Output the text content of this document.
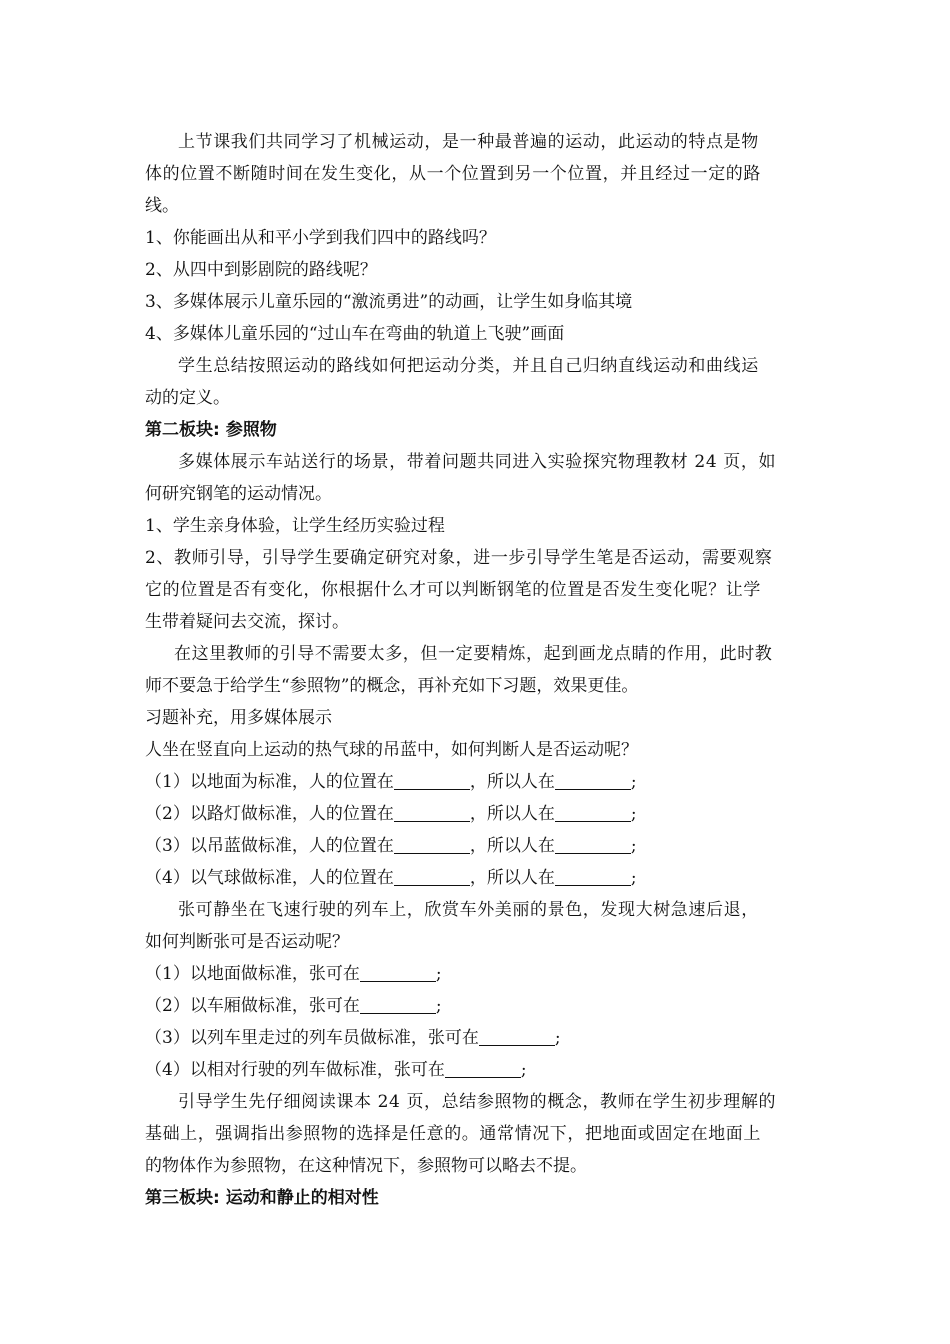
上节课我们共同学习了机械运动，是一种最普遍的运动，此运动的特点是物
体的位置不断随时间在发生变化，从一个位置到另一个位置，并且经过一定的路
线。
1、你能画出从和平小学到我们四中的路线吗？
2、从四中到影剧院的路线呢？
3、多媒体展示儿童乐园的“激流勇进”的动画，让学生如身临其境
4、多媒体儿童乐园的“过山车在弯曲的轨道上飞驶”画面
学生总结按照运动的路线如何把运动分类，并且自己归纳直线运动和曲线运
动的定义。
第二板块: 参照物
多媒体展示车站送行的场景，带着问题共同进入实验探究物理教材 24 页，如
何研究钢笔的运动情况。
1、学生亲身体验，让学生经历实验过程
2、教师引导，引导学生要确定研究对象，进一步引导学生笔是否运动，需要观察
它的位置是否有变化，你根据什么才可以判断钢笔的位置是否发生变化呢？让学
生带着疑问去交流，探讨。
在这里教师的引导不需要太多，但一定要精炼，起到画龙点睛的作用，此时教
师不要急于给学生“参照物”的概念，再补充如下习题，效果更佳。
习题补充，用多媒体展示
人坐在竖直向上运动的热气球的吊蓝中，如何判断人是否运动呢？
（1）以地面为标准，人的位置在	，所以人在	;
（2）以路灯做标准，人的位置在	，所以人在	;
（3）以吊蓝做标准，人的位置在	，所以人在	;
（4）以气球做标准，人的位置在	，所以人在	;
张可静坐在飞速行驶的列车上，欣赏车外美丽的景色，发现大树急速后退，
如何判断张可是否运动呢？
（1）以地面做标准，张可在	;
（2）以车厢做标准，张可在	;
（3）以列车里走过的列车员做标准，张可在	;
（4）以相对行驶的列车做标准，张可在	;
引导学生先仔细阅读课本 24 页，总结参照物的概念，教师在学生初步理解的
基础上，强调指出参照物的选择是任意的。通常情况下，把地面或固定在地面上
的物体作为参照物，在这种情况下，参照物可以略去不提。
第三板块: 运动和静止的相对性
